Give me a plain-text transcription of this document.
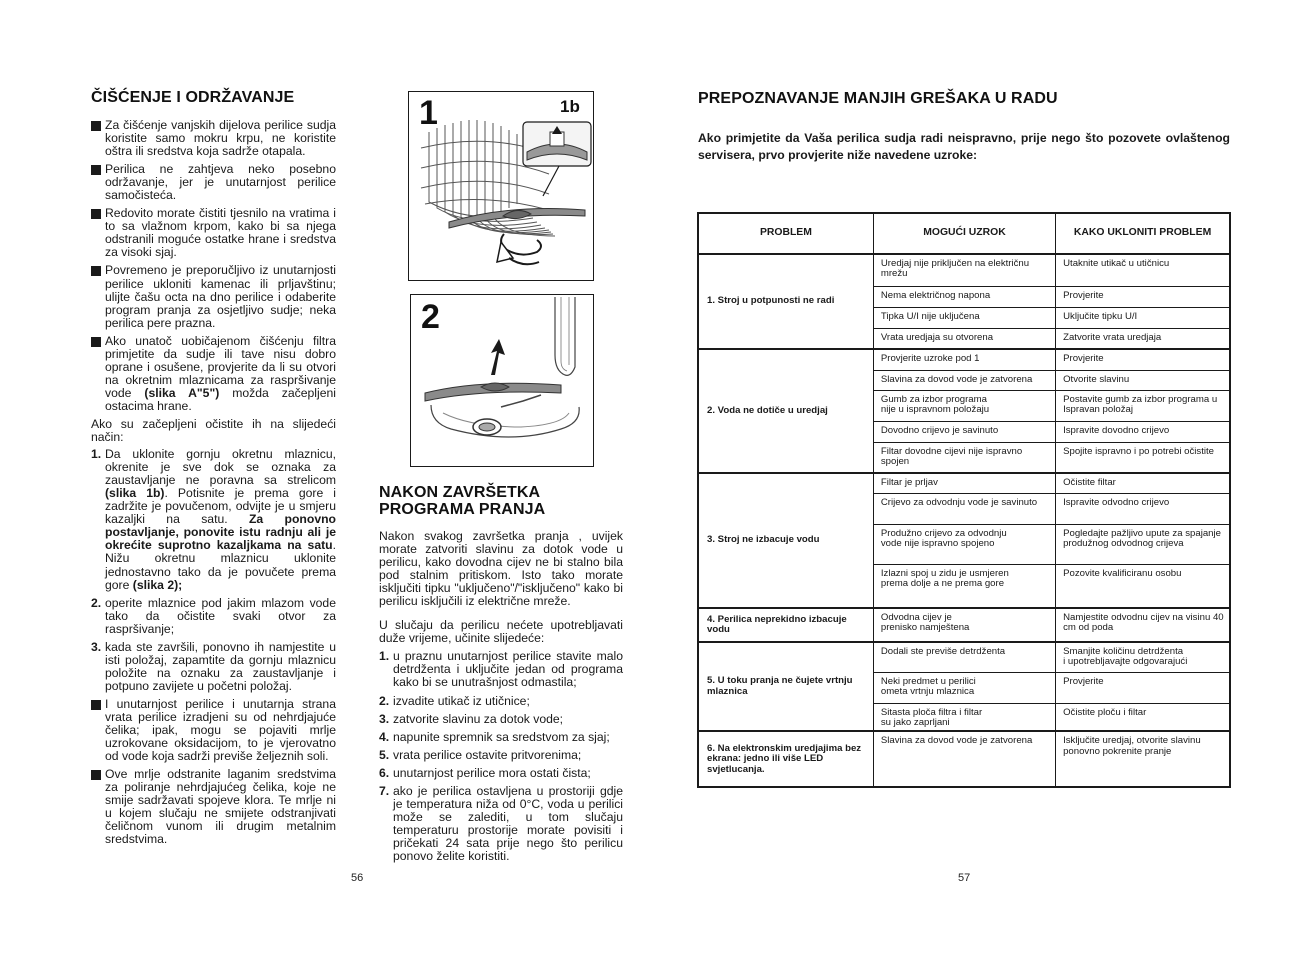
ČIŠĆENJE I ODRŽAVANJE
Za čišćenje vanjskih dijelova perilice sudja koristite samo mokru krpu, ne koristite oštra ili sredstva koja sadrže otapala.
Perilica ne zahtjeva neko posebno održavanje, jer je unutarnjost perilice samočisteća.
Redovito morate čistiti tjesnilo na vratima i to sa vlažnom krpom, kako bi sa njega odstranili moguće ostatke hrane i sredstva za visoki sjaj.
Povremeno je preporučljivo iz unutarnjosti perilice ukloniti kamenac ili prljavštinu; ulijte čašu octa na dno perilice i odaberite program pranja za osjetljivo sudje; neka perilica pere prazna.
Ako unatoč uobičajenom čišćenju filtra primjetite da sudje ili tave nisu dobro oprane i osušene, provjerite da li su otvori na okretnim mlaznicama za raspršivanje vode (slika A"5") možda začepljeni ostacima hrane.

Ako su začepljeni očistite ih na slijedeći način:

1. Da uklonite gornju okretnu mlaznicu, okrenite je sve dok se oznaka za zaustavljanje ne poravna sa strelicom (slika 1b). Potisnite je prema gore i zadržite je povučenom, odvijte je u smjeru kazaljki na satu. Za ponovno postavljanje, ponovite istu radnju ali je okrećite suprotno kazaljkama na satu. Nižu okretnu mlaznicu uklonite jednostavno tako da je povučete prema gore (slika 2);
2. operite mlaznice pod jakim mlazom vode tako da očistite svaki otvor za raspršivanje;
3. kada ste završili, ponovno ih namjestite u isti položaj, zapamtite da gornju mlaznicu položite na oznaku za zaustavljanje i potpuno zavijete u početni položaj.
I unutarnjost perilice i unutarnja strana vrata perilice izradjeni su od nehrdjajuće čelika; ipak, mogu se pojaviti mrlje uzrokovane oksidacijom, to je vjerovatno od vode koja sadrži previše željeznih soli.
Ove mrlje odstranite laganim sredstvima za poliranje nehrdjajućeg čelika, koje ne smije sadržavati spojeve klora. Te mrlje ni u kojem slučaju ne smijete odstranjivati čeličnom vunom ili drugim metalnim sredstvima.
56
1	1b
2
NAKON ZAVRŠETKA
PROGRAMA PRANJA

Nakon svakog završetka pranja , uvijek morate zatvoriti slavinu za dotok vode u perilicu, kako dovodna cijev ne bi stalno bila pod stalnim pritiskom. Isto tako morate isključiti tipku "uključeno"/"isključeno" kako bi perilicu isključili iz električne mreže.

U slučaju da perilicu nećete upotrebljavati duže vrijeme, učinite slijedeće:

1. u praznu unutarnjost perilice stavite malo detrdženta i uključite jedan od programa kako bi se unutrašnjost odmastila;
2. izvadite utikač iz utičnice;
3. zatvorite slavinu za dotok vode;
4. napunite spremnik sa sredstvom za sjaj;
5. vrata perilice ostavite pritvorenima;
6. unutarnjost perilice mora ostati čista;
7. ako je perilica ostavljena u prostoriji gdje je temperatura niža od 0°C, voda u perilici može se zalediti, u tom slučaju temperaturu prostorije morate povisiti i pričekati 24 sata prije nego što perilicu ponovo želite koristiti.
PREPOZNAVANJE MANJIH GREŠAKA U RADU
Ako primjetite da Vaša perilica sudja radi neispravno, prije nego što pozovete ovlaštenog servisera, prvo provjerite niže navedene uzroke:
PROBLEM	MOGUĆI UZROK	KAKO UKLONITI PROBLEM
1. Stroj u potpunosti ne radi	Uredjaj nije priključen na električnu mrežu	Utaknite utikač u utičnicu
	Nema električnog napona	Provjerite
	Tipka U/I nije uključena	Uključite tipku U/I
	Vrata uredjaja su otvorena	Zatvorite vrata uredjaja
2. Voda ne dotiče u uredjaj	Provjerite uzroke pod 1	Provjerite
	Slavina za dovod vode je zatvorena	Otvorite slavinu
	Gumb za izbor programa
nije u ispravnom položaju	Postavite gumb za izbor programa u Ispravan položaj
	Dovodno crijevo je savinuto	Ispravite dovodno crijevo
	Filtar dovodne cijevi nije ispravno spojen	Spojite ispravno i po potrebi očistite
3. Stroj ne izbacuje vodu	Filtar je prljav	Očistite filtar
	Crijevo za odvodnju vode je savinuto	Ispravite odvodno crijevo
	Produžno crijevo za odvodnju
vode nije ispravno spojeno	Pogledajte pažljivo upute za spajanje produžnog odvodnog crijeva
	Izlazni spoj u zidu je usmjeren
prema dolje a ne prema gore	Pozovite kvalificiranu osobu
4. Perilica neprekidno izbacuje
vodu	Odvodna cijev je
prenisko namještena	Namjestite odvodnu cijev na visinu 40 cm od poda
5. U toku pranja ne čujete vrtnju
mlaznica	Dodali ste previše detrdženta	Smanjite količinu detrdženta
i upotrebljavajte odgovarajući
	Neki predmet u perilici
ometa vrtnju mlaznica	Provjerite
	Sitasta ploča filtra i filtar
su jako zaprljani	Očistite ploču i filtar
6. Na elektronskim uredjajima bez
ekrana: jedno ili više LED
svjetlucanja.	Slavina za dovod vode je zatvorena	Isključite uredjaj, otvorite slavinu ponovno pokrenite pranje
57
